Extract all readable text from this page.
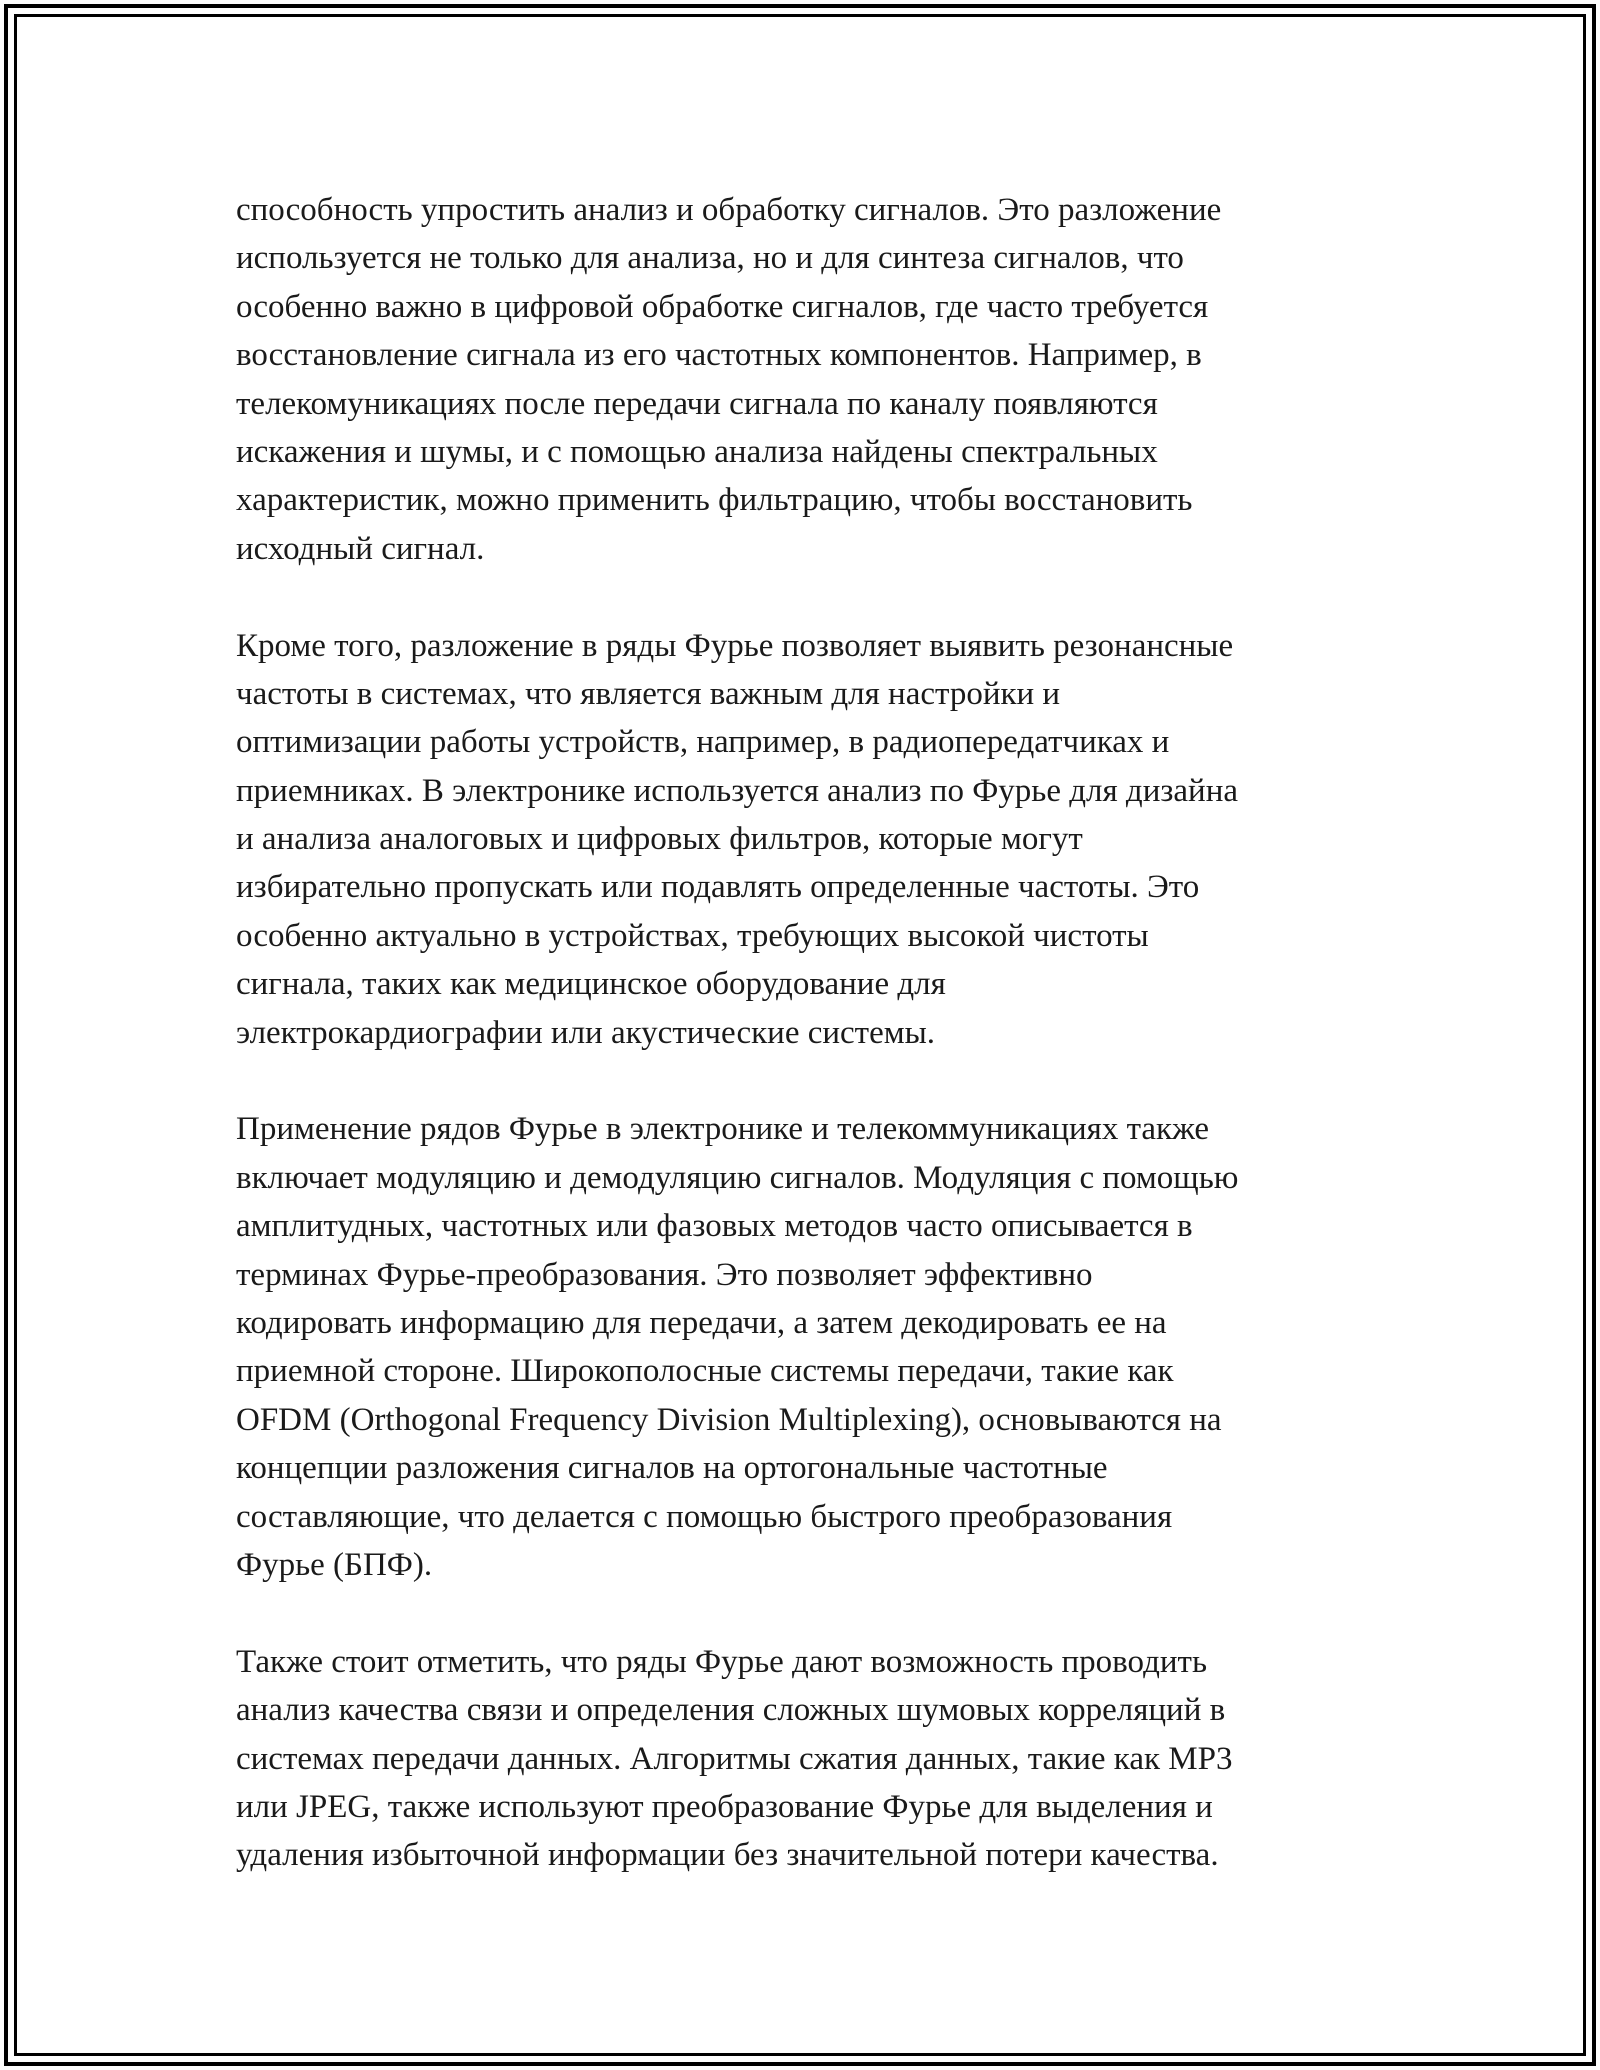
способность упростить анализ и обработку сигналов. Это разложение
используется не только для анализа, но и для синтеза сигналов, что
особенно важно в цифровой обработке сигналов, где часто требуется
восстановление сигнала из его частотных компонентов. Например, в
телекомуникациях после передачи сигнала по каналу появляются
искажения и шумы, и с помощью анализа найдены спектральных
характеристик, можно применить фильтрацию, чтобы восстановить
исходный сигнал.

Кроме того, разложение в ряды Фурье позволяет выявить резонансные
частоты в системах, что является важным для настройки и
оптимизации работы устройств, например, в радиопередатчиках и
приемниках. В электронике используется анализ по Фурье для дизайна
и анализа аналоговых и цифровых фильтров, которые могут
избирательно пропускать или подавлять определенные частоты. Это
особенно актуально в устройствах, требующих высокой чистоты
сигнала, таких как медицинское оборудование для
электрокардиографии или акустические системы.

Применение рядов Фурье в электронике и телекоммуникациях также
включает модуляцию и демодуляцию сигналов. Модуляция с помощью
амплитудных, частотных или фазовых методов часто описывается в
терминах Фурье-преобразования. Это позволяет эффективно
кодировать информацию для передачи, а затем декодировать ее на
приемной стороне. Широкополосные системы передачи, такие как
OFDM (Orthogonal Frequency Division Multiplexing), основываются на
концепции разложения сигналов на ортогональные частотные
составляющие, что делается с помощью быстрого преобразования
Фурье (БПФ).

Также стоит отметить, что ряды Фурье дают возможность проводить
анализ качества связи и определения сложных шумовых корреляций в
системах передачи данных. Алгоритмы сжатия данных, такие как MP3
или JPEG, также используют преобразование Фурье для выделения и
удаления избыточной информации без значительной потери качества.
